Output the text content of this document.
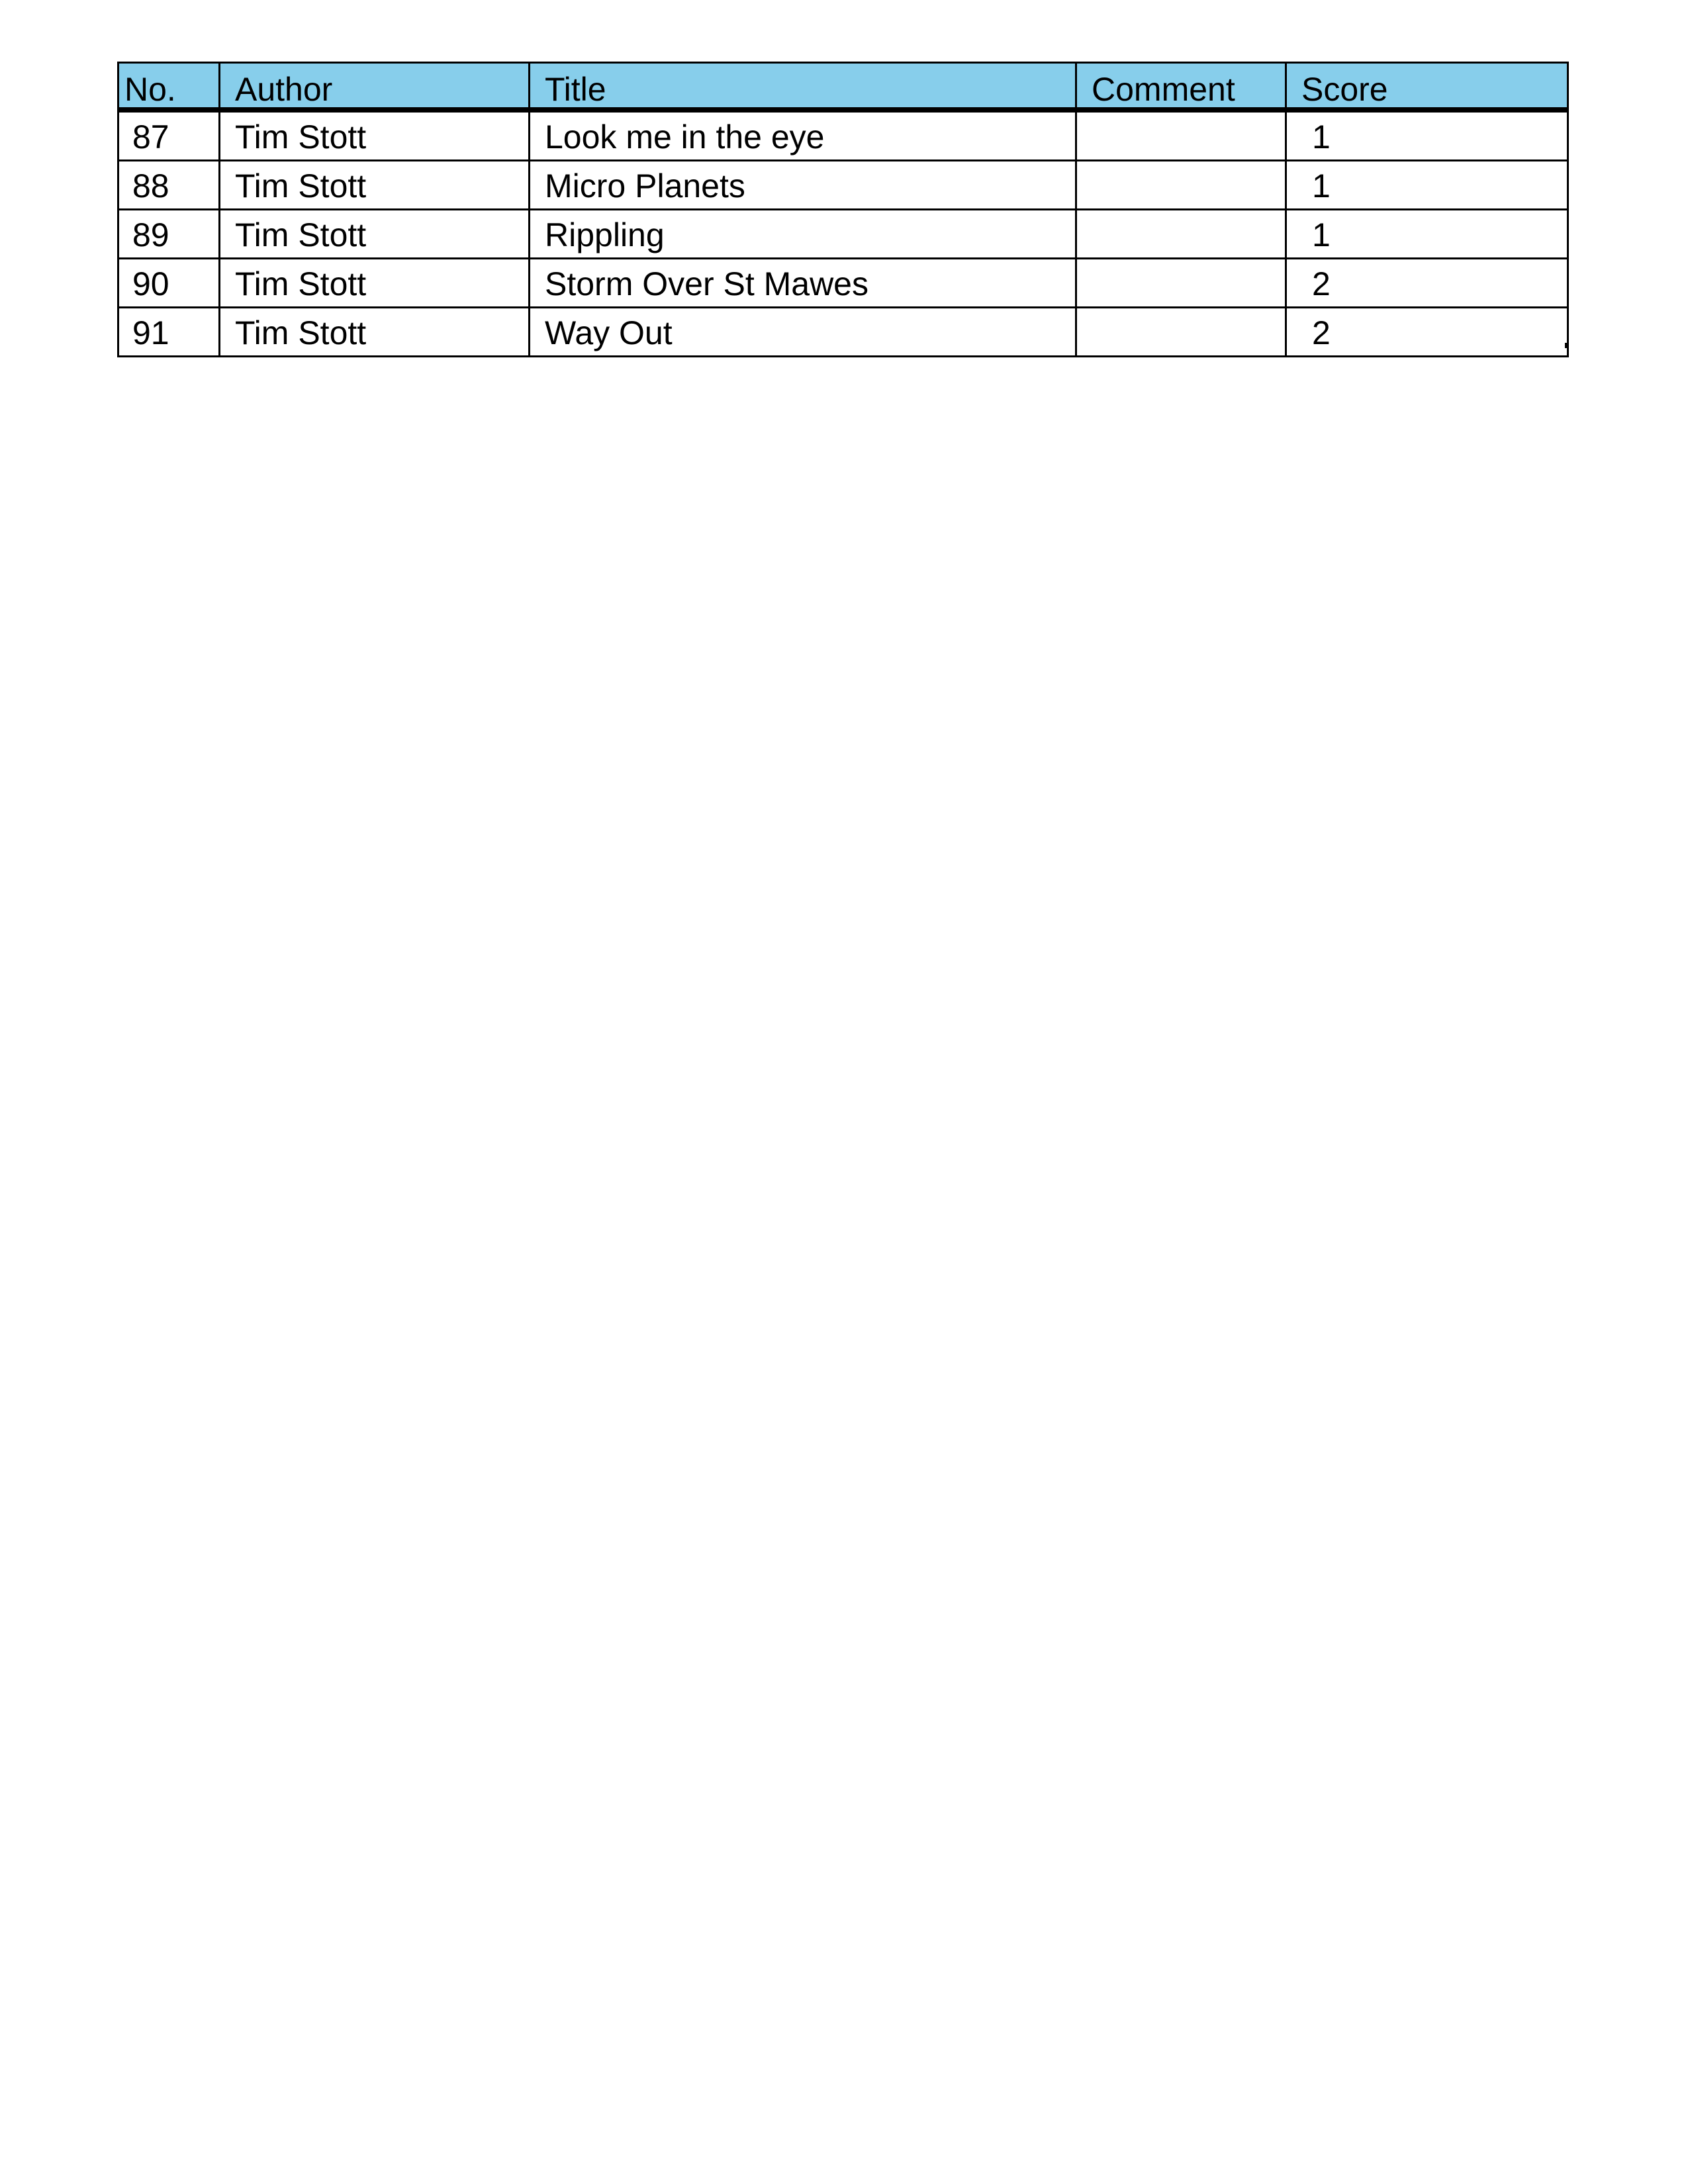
No.	Author	Title	Comment	Score
87	Tim Stott	Look me in the eye		1
88	Tim Stott	Micro Planets		1
89	Tim Stott	Rippling		1
90	Tim Stott	Storm Over St Mawes		2
91	Tim Stott	Way Out		2
